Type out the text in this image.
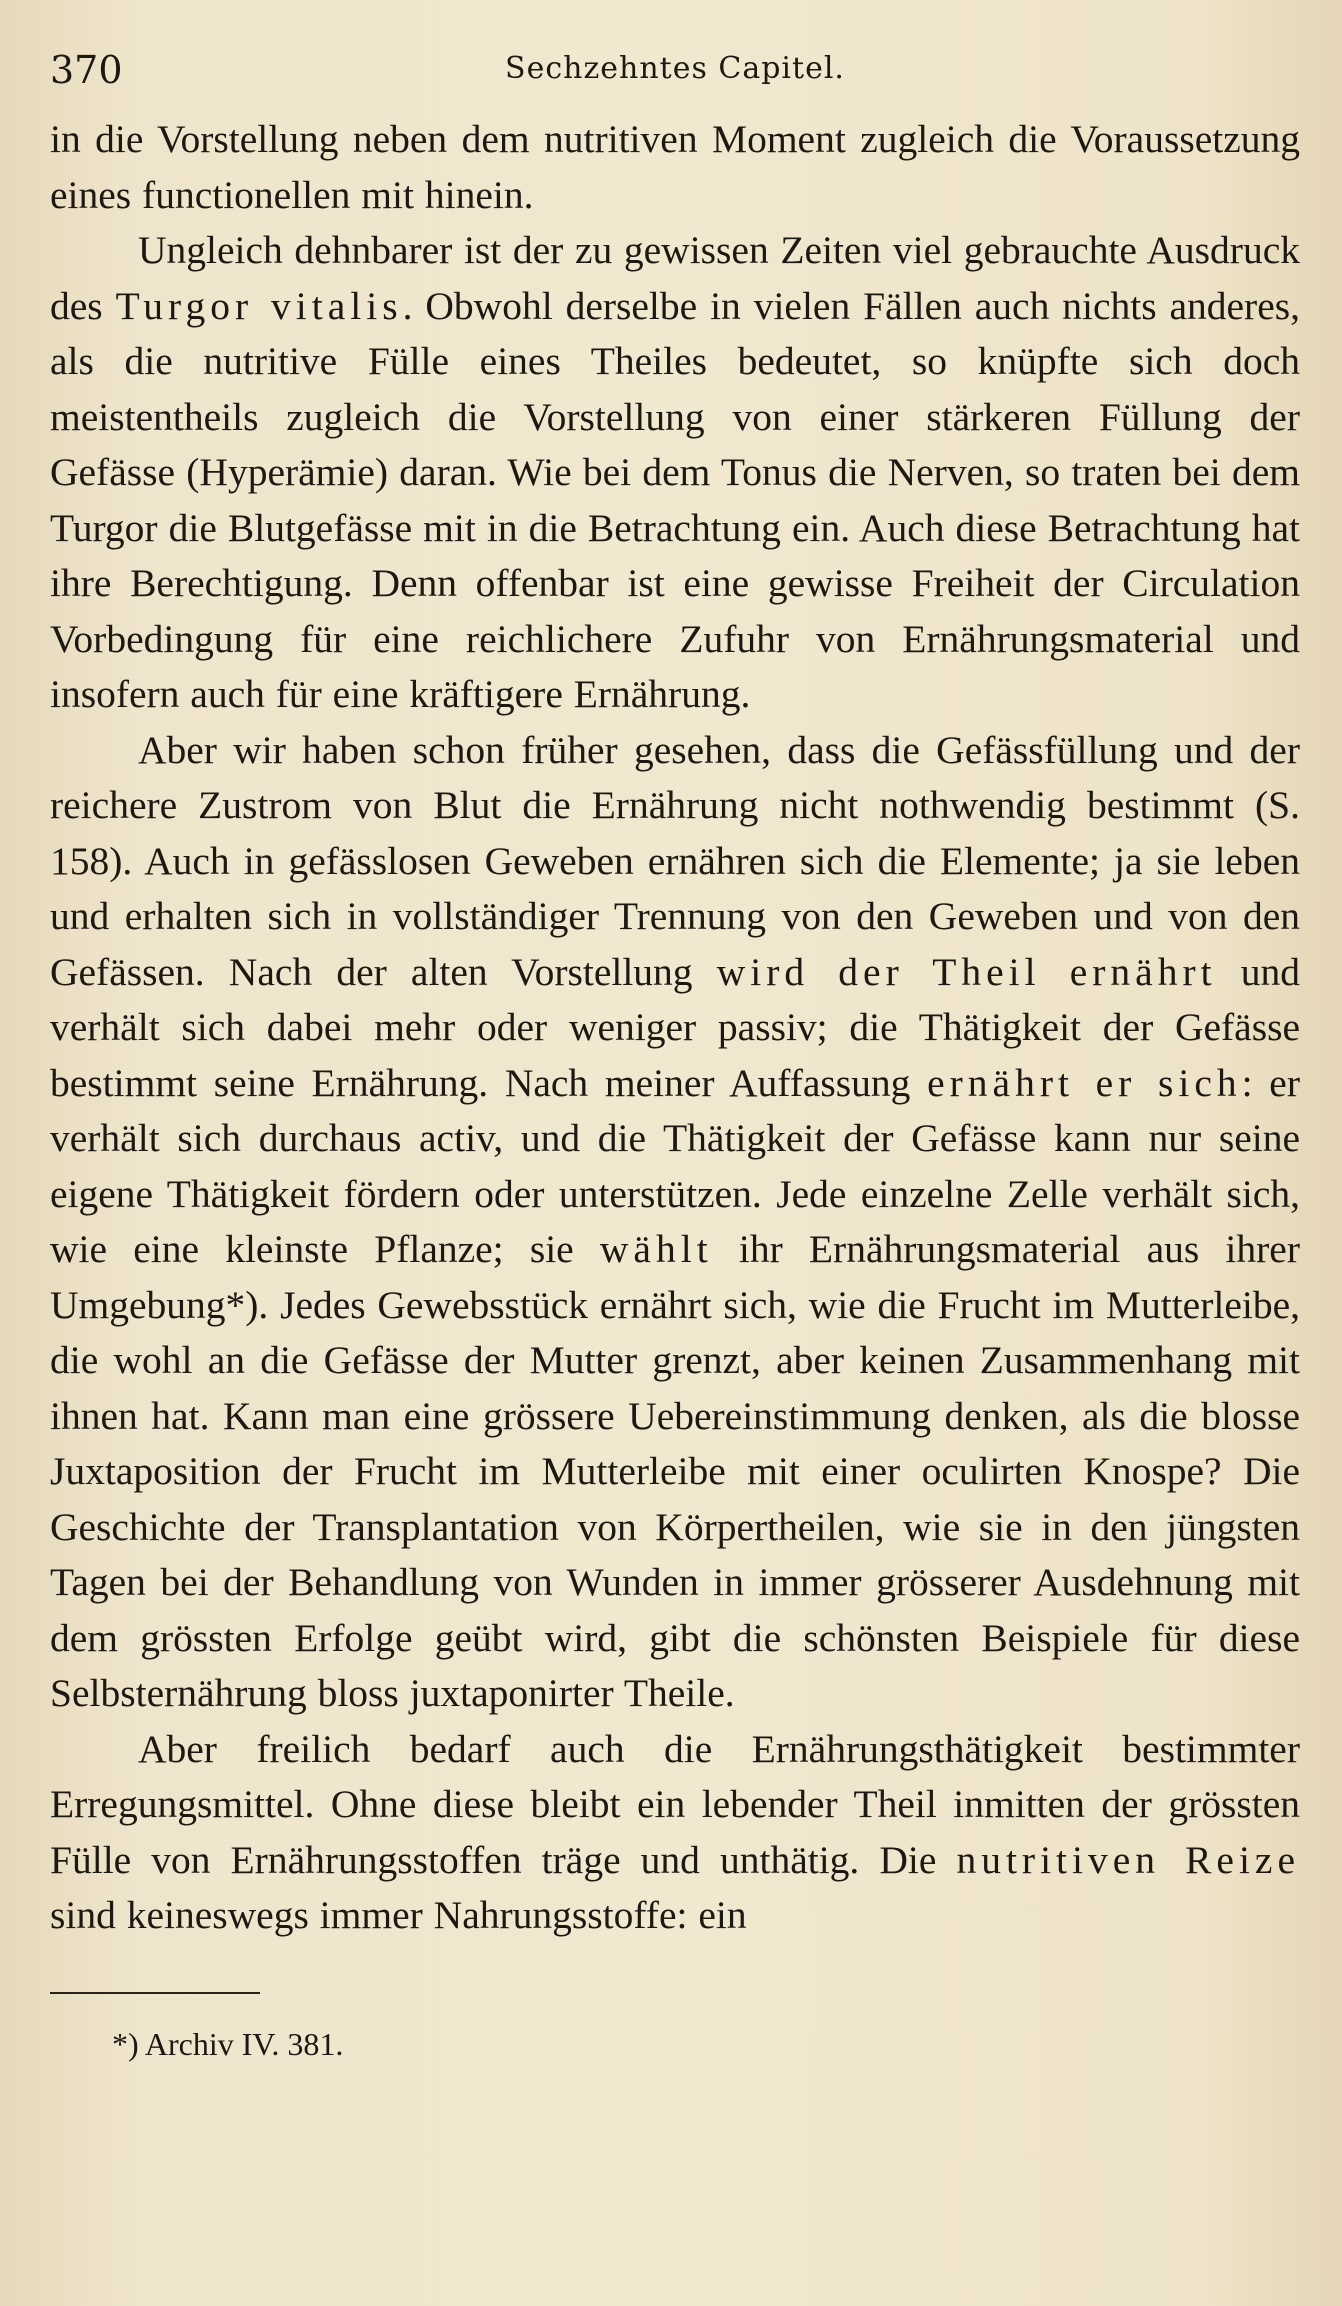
370	Sechzehntes Capitel.

in die Vorstellung neben dem nutritiven Moment zugleich die Voraussetzung eines functionellen mit hinein.

Ungleich dehnbarer ist der zu gewissen Zeiten viel gebrauchte Ausdruck des Turgor vitalis. Obwohl derselbe in vielen Fällen auch nichts anderes, als die nutritive Fülle eines Theiles bedeutet, so knüpfte sich doch meistentheils zugleich die Vorstellung von einer stärkeren Füllung der Gefässe (Hyperämie) daran. Wie bei dem Tonus die Nerven, so traten bei dem Turgor die Blutgefässe mit in die Betrachtung ein. Auch diese Betrachtung hat ihre Berechtigung. Denn offenbar ist eine gewisse Freiheit der Circulation Vorbedingung für eine reichlichere Zufuhr von Ernährungsmaterial und insofern auch für eine kräftigere Ernährung.

Aber wir haben schon früher gesehen, dass die Gefässfüllung und der reichere Zustrom von Blut die Ernährung nicht nothwendig bestimmt (S. 158). Auch in gefässlosen Geweben ernähren sich die Elemente; ja sie leben und erhalten sich in vollständiger Trennung von den Geweben und von den Gefässen. Nach der alten Vorstellung wird der Theil ernährt und verhält sich dabei mehr oder weniger passiv; die Thätigkeit der Gefässe bestimmt seine Ernährung. Nach meiner Auffassung ernährt er sich: er verhält sich durchaus activ, und die Thätigkeit der Gefässe kann nur seine eigene Thätigkeit fördern oder unterstützen. Jede einzelne Zelle verhält sich, wie eine kleinste Pflanze; sie wählt ihr Ernährungsmaterial aus ihrer Umgebung*). Jedes Gewebsstück ernährt sich, wie die Frucht im Mutterleibe, die wohl an die Gefässe der Mutter grenzt, aber keinen Zusammenhang mit ihnen hat. Kann man eine grössere Uebereinstimmung denken, als die blosse Juxtaposition der Frucht im Mutterleibe mit einer oculirten Knospe? Die Geschichte der Transplantation von Körpertheilen, wie sie in den jüngsten Tagen bei der Behandlung von Wunden in immer grösserer Ausdehnung mit dem grössten Erfolge geübt wird, gibt die schönsten Beispiele für diese Selbsternährung bloss juxtaponirter Theile.

Aber freilich bedarf auch die Ernährungsthätigkeit bestimmter Erregungsmittel. Ohne diese bleibt ein lebender Theil inmitten der grössten Fülle von Ernährungsstoffen träge und unthätig. Die nutritiven Reize sind keineswegs immer Nahrungsstoffe: ein

*) Archiv IV. 381.
